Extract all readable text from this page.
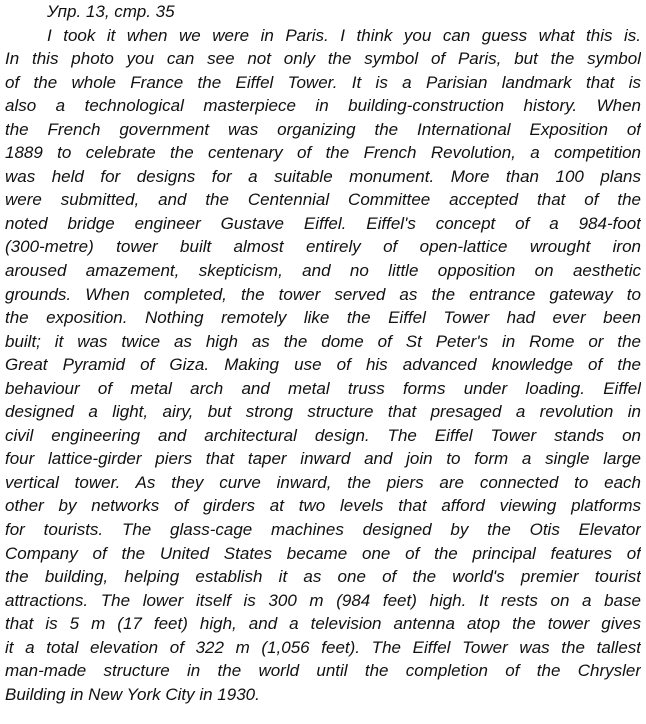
Упр. 13, стр. 35
I took it when we were in Paris. I think you can guess what this is.
In this photo you can see not only the symbol of Paris, but the symbol
of the whole France the Eiffel Tower. It is a Parisian landmark that is
also a technological masterpiece in building-construction history. When
the French government was organizing the International Exposition of
1889 to celebrate the centenary of the French Revolution, a competition
was held for designs for a suitable monument. More than 100 plans
were submitted, and the Centennial Committee accepted that of the
noted bridge engineer Gustave Eiffel. Eiffel's concept of a 984-foot
(300-metre) tower built almost entirely of open-lattice wrought iron
aroused amazement, skepticism, and no little opposition on aesthetic
grounds. When completed, the tower served as the entrance gateway to
the exposition. Nothing remotely like the Eiffel Tower had ever been
built; it was twice as high as the dome of St Peter's in Rome or the
Great Pyramid of Giza. Making use of his advanced knowledge of the
behaviour of metal arch and metal truss forms under loading. Eiffel
designed a light, airy, but strong structure that presaged a revolution in
civil engineering and architectural design. The Eiffel Tower stands on
four lattice-girder piers that taper inward and join to form a single large
vertical tower. As they curve inward, the piers are connected to each
other by networks of girders at two levels that afford viewing platforms
for tourists. The glass-cage machines designed by the Otis Elevator
Company of the United States became one of the principal features of
the building, helping establish it as one of the world's premier tourist
attractions. The lower itself is 300 m (984 feet) high. It rests on a base
that is 5 m (17 feet) high, and a television antenna atop the tower gives
it a total elevation of 322 m (1,056 feet). The Eiffel Tower was the tallest
man-made structure in the world until the completion of the Chrysler
Building in New York City in 1930.
